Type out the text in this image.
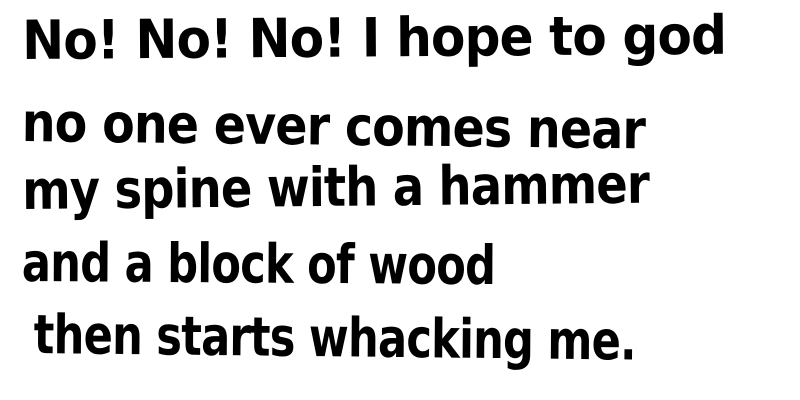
No! No! No! I hope to god
no one ever comes near
my spine with a hammer
and a block of wood
then starts whacking me.
